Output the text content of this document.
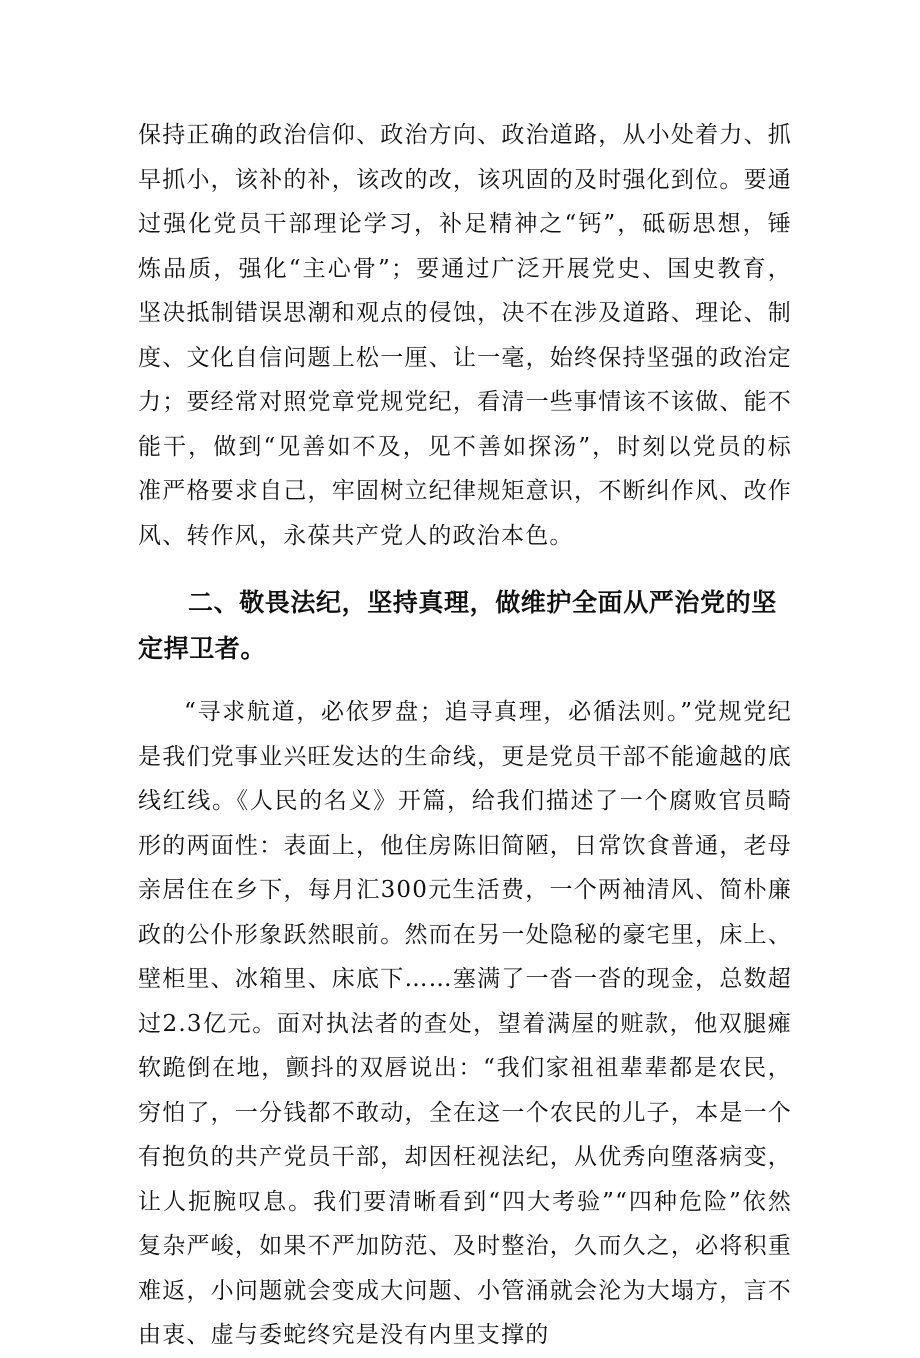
保持正确的政治信仰、政治方向、政治道路，从小处着力、抓早抓小，该补的补，该改的改，该巩固的及时强化到位。要通过强化党员干部理论学习，补足精神之“钙”，砥砺思想，锤炼品质，强化“主心骨”；要通过广泛开展党史、国史教育，坚决抵制错误思潮和观点的侵蚀，决不在涉及道路、理论、制度、文化自信问题上松一厘、让一毫，始终保持坚强的政治定力；要经常对照党章党规党纪，看清一些事情该不该做、能不能干，做到“见善如不及，见不善如探汤”，时刻以党员的标准严格要求自己，牢固树立纪律规矩意识，不断纠作风、改作风、转作风，永葆共产党人的政治本色。

二、敬畏法纪，坚持真理，做维护全面从严治党的坚定捍卫者。

“寻求航道，必依罗盘；追寻真理，必循法则。”党规党纪是我们党事业兴旺发达的生命线，更是党员干部不能逾越的底线红线。《人民的名义》开篇，给我们描述了一个腐败官员畸形的两面性：表面上，他住房陈旧简陋，日常饮食普通，老母亲居住在乡下，每月汇300元生活费，一个两袖清风、简朴廉政的公仆形象跃然眼前。然而在另一处隐秘的豪宅里，床上、壁柜里、冰箱里、床底下……塞满了一沓一沓的现金，总数超过2.3亿元。面对执法者的查处，望着满屋的赃款，他双腿瘫软跪倒在地，颤抖的双唇说出：“我们家祖祖辈辈都是农民，穷怕了，一分钱都不敢动，全在这一个农民的儿子，本是一个有抱负的共产党员干部，却因枉视法纪，从优秀向堕落病变，让人扼腕叹息。我们要清晰看到“四大考验”“四种危险”依然复杂严峻，如果不严加防范、及时整治，久而久之，必将积重难返，小问题就会变成大问题、小管涌就会沦为大塌方，言不由衷、虚与委蛇终究是没有内里支撑的
